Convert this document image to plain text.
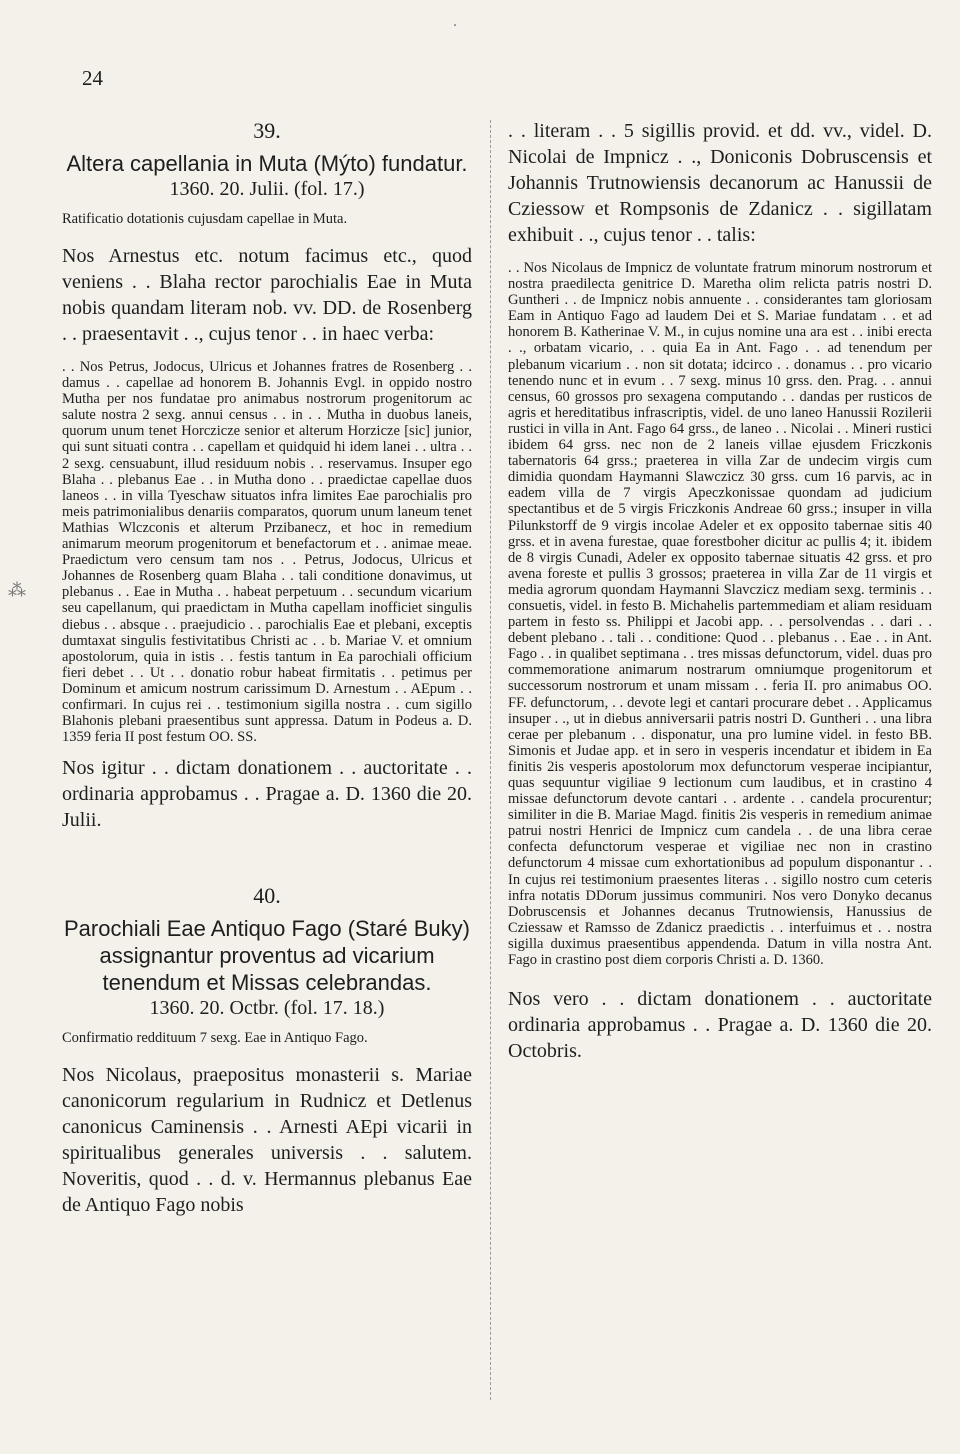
24
⁂
˙
39.

Altera capellania in Muta (Mýto) fundatur.

1360. 20. Julii. (fol. 17.)

Ratificatio dotationis cujusdam capellae in Muta.

Nos Arnestus etc. notum facimus etc., quod veniens . . Blaha rector parochialis Eae in Muta nobis quandam literam nob. vv. DD. de Rosenberg . . praesentavit . ., cujus tenor . . in haec verba:

. . Nos Petrus, Jodocus, Ulricus et Johannes fratres de Rosenberg . . damus . . capellae ad honorem B. Johannis Evgl. in oppido nostro Mutha per nos fundatae pro animabus nostrorum progenitorum ac salute nostra 2 sexg. annui census . . in . . Mutha in duobus laneis, quorum unum tenet Horczicze senior et alterum Horzicze [sic] junior, qui sunt situati contra . . capellam et quidquid hi idem lanei . . ultra . . 2 sexg. censuabunt, illud residuum nobis . . reservamus. Insuper ego Blaha . . plebanus Eae . . in Mutha dono . . praedictae capellae duos laneos . . in villa Tyeschaw situatos infra limites Eae parochialis pro meis patrimonialibus denariis comparatos, quorum unum laneum tenet Mathias Wlczconis et alterum Przibanecz, et hoc in remedium animarum meorum progenitorum et benefactorum et . . animae meae. Praedictum vero censum tam nos . . Petrus, Jodocus, Ulricus et Johannes de Rosenberg quam Blaha . . tali conditione donavimus, ut plebanus . . Eae in Mutha . . habeat perpetuum . . secundum vicarium seu capellanum, qui praedictam in Mutha capellam inofficiet singulis diebus . . absque . . praejudicio . . parochialis Eae et plebani, exceptis dumtaxat singulis festivitatibus Christi ac . . b. Mariae V. et omnium apostolorum, quia in istis . . festis tantum in Ea parochiali officium fieri debet . . Ut . . donatio robur habeat firmitatis . . petimus per Dominum et amicum nostrum carissimum D. Arnestum . . AEpum . . confirmari. In cujus rei . . testimonium sigilla nostra . . cum sigillo Blahonis plebani praesentibus sunt appressa. Datum in Podeus a. D. 1359 feria II post festum OO. SS.

Nos igitur . . dictam donationem . . auctoritate . . ordinaria approbamus . . Pragae a. D. 1360 die 20. Julii.

40.

Parochiali Eae Antiquo Fago (Staré Buky) assignantur proventus ad vicarium tenendum et Missas celebrandas.

1360. 20. Octbr. (fol. 17. 18.)

Confirmatio reddituum 7 sexg. Eae in Antiquo Fago.

Nos Nicolaus, praepositus monasterii s. Mariae canonicorum regularium in Rudnicz et Detlenus canonicus Caminensis . . Arnesti AEpi vicarii in spiritualibus generales universis . . salutem. Noveritis, quod . . d. v. Hermannus plebanus Eae de Antiquo Fago nobis

. . literam . . 5 sigillis provid. et dd. vv., videl. D. Nicolai de Impnicz . ., Doniconis Dobruscensis et Johannis Trutnowiensis decanorum ac Hanussii de Cziessow et Rompsonis de Zdanicz . . sigillatam exhibuit . ., cujus tenor . . talis:

. . Nos Nicolaus de Impnicz de voluntate fratrum minorum nostrorum et nostra praedilecta genitrice D. Maretha olim relicta patris nostri D. Guntheri . . de Impnicz nobis annuente . . considerantes tam gloriosam Eam in Antiquo Fago ad laudem Dei et S. Mariae fundatam . . et ad honorem B. Katherinae V. M., in cujus nomine una ara est . . inibi erecta . ., orbatam vicario, . . quia Ea in Ant. Fago . . ad tenendum per plebanum vicarium . . non sit dotata; idcirco . . donamus . . pro vicario tenendo nunc et in evum . . 7 sexg. minus 10 grss. den. Prag. . . annui census, 60 grossos pro sexagena computando . . dandas per rusticos de agris et hereditatibus infrascriptis, videl. de uno laneo Hanussii Rozilerii rustici in villa in Ant. Fago 64 grss., de laneo . . Nicolai . . Mineri rustici ibidem 64 grss. nec non de 2 laneis villae ejusdem Friczkonis tabernatoris 64 grss.; praeterea in villa Zar de undecim virgis cum dimidia quondam Haymanni Slawczicz 30 grss. cum 16 parvis, ac in eadem villa de 7 virgis Apeczkonissae quondam ad judicium spectantibus et de 5 virgis Friczkonis Andreae 60 grss.; insuper in villa Pilunkstorff de 9 virgis incolae Adeler et ex opposito tabernae sitis 40 grss. et in avena furestae, quae forestboher dicitur ac pullis 4; it. ibidem de 8 virgis Cunadi, Adeler ex opposito tabernae situatis 42 grss. et pro avena foreste et pullis 3 grossos; praeterea in villa Zar de 11 virgis et media agrorum quondam Haymanni Slavczicz mediam sexg. terminis . . consuetis, videl. in festo B. Michahelis partemmediam et aliam residuam partem in festo ss. Philippi et Jacobi app. . . persolvendas . . dari . . debent plebano . . tali . . conditione: Quod . . plebanus . . Eae . . in Ant. Fago . . in qualibet septimana . . tres missas defunctorum, videl. duas pro commemoratione animarum nostrarum omniumque progenitorum et successorum nostrorum et unam missam . . feria II. pro animabus OO. FF. defunctorum, . . devote legi et cantari procurare debet . . Applicamus insuper . ., ut in diebus anniversarii patris nostri D. Guntheri . . una libra cerae per plebanum . . disponatur, una pro lumine videl. in festo BB. Simonis et Judae app. et in sero in vesperis incendatur et ibidem in Ea finitis 2is vesperis apostolorum mox defunctorum vesperae incipiantur, quas sequuntur vigiliae 9 lectionum cum laudibus, et in crastino 4 missae defunctorum devote cantari . . ardente . . candela procurentur; similiter in die B. Mariae Magd. finitis 2is vesperis in remedium animae patrui nostri Henrici de Impnicz cum candela . . de una libra cerae confecta defunctorum vesperae et vigiliae nec non in crastino defunctorum 4 missae cum exhortationibus ad populum disponantur . . In cujus rei testimonium praesentes literas . . sigillo nostro cum ceteris infra notatis DDorum jussimus communiri. Nos vero Donyko decanus Dobruscensis et Johannes decanus Trutnowiensis, Hanussius de Cziessaw et Ramsso de Zdanicz praedictis . . interfuimus et . . nostra sigilla duximus praesentibus appendenda. Datum in villa nostra Ant. Fago in crastino post diem corporis Christi a. D. 1360.

Nos vero . . dictam donationem . . auctoritate ordinaria approbamus . . Pragae a. D. 1360 die 20. Octobris.
